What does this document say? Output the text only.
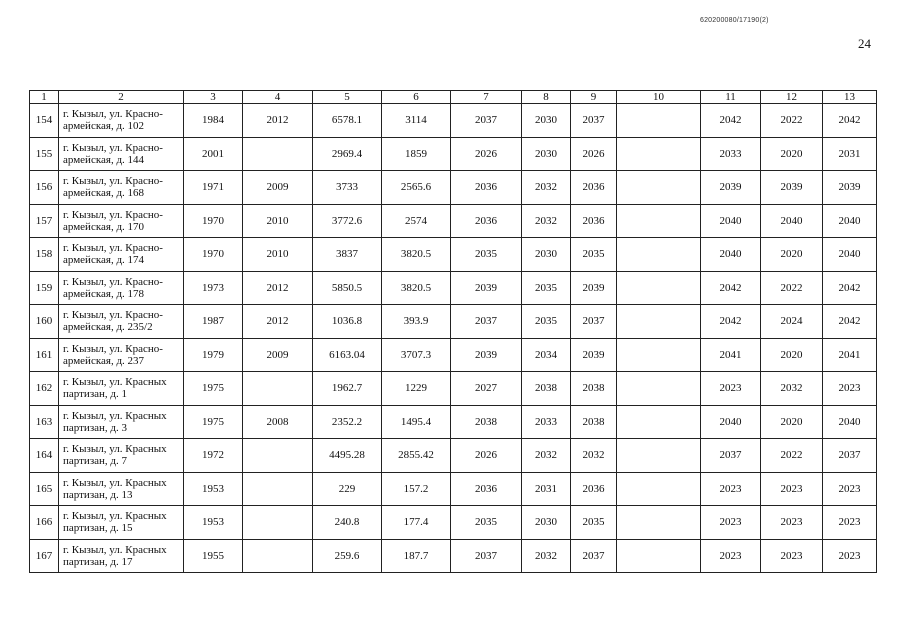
620200080/17190(2)
24
1	2	3	4	5	6	7	8	9	10	11	12	13
154	г. Кызыл, ул. Красно-армейская, д. 102	1984	2012	6578.1	3114	2037	2030	2037		2042	2022	2042
155	г. Кызыл, ул. Красно-армейская, д. 144	2001		2969.4	1859	2026	2030	2026		2033	2020	2031
156	г. Кызыл, ул. Красно-армейская, д. 168	1971	2009	3733	2565.6	2036	2032	2036		2039	2039	2039
157	г. Кызыл, ул. Красно-армейская, д. 170	1970	2010	3772.6	2574	2036	2032	2036		2040	2040	2040
158	г. Кызыл, ул. Красно-армейская, д. 174	1970	2010	3837	3820.5	2035	2030	2035		2040	2020	2040
159	г. Кызыл, ул. Красно-армейская, д. 178	1973	2012	5850.5	3820.5	2039	2035	2039		2042	2022	2042
160	г. Кызыл, ул. Красно-армейская, д. 235/2	1987	2012	1036.8	393.9	2037	2035	2037		2042	2024	2042
161	г. Кызыл, ул. Красно-армейская, д. 237	1979	2009	6163.04	3707.3	2039	2034	2039		2041	2020	2041
162	г. Кызыл, ул. Красных партизан, д. 1	1975		1962.7	1229	2027	2038	2038		2023	2032	2023
163	г. Кызыл, ул. Красных партизан, д. 3	1975	2008	2352.2	1495.4	2038	2033	2038		2040	2020	2040
164	г. Кызыл, ул. Красных партизан, д. 7	1972		4495.28	2855.42	2026	2032	2032		2037	2022	2037
165	г. Кызыл, ул. Красных партизан, д. 13	1953		229	157.2	2036	2031	2036		2023	2023	2023
166	г. Кызыл, ул. Красных партизан, д. 15	1953		240.8	177.4	2035	2030	2035		2023	2023	2023
167	г. Кызыл, ул. Красных партизан, д. 17	1955		259.6	187.7	2037	2032	2037		2023	2023	2023
